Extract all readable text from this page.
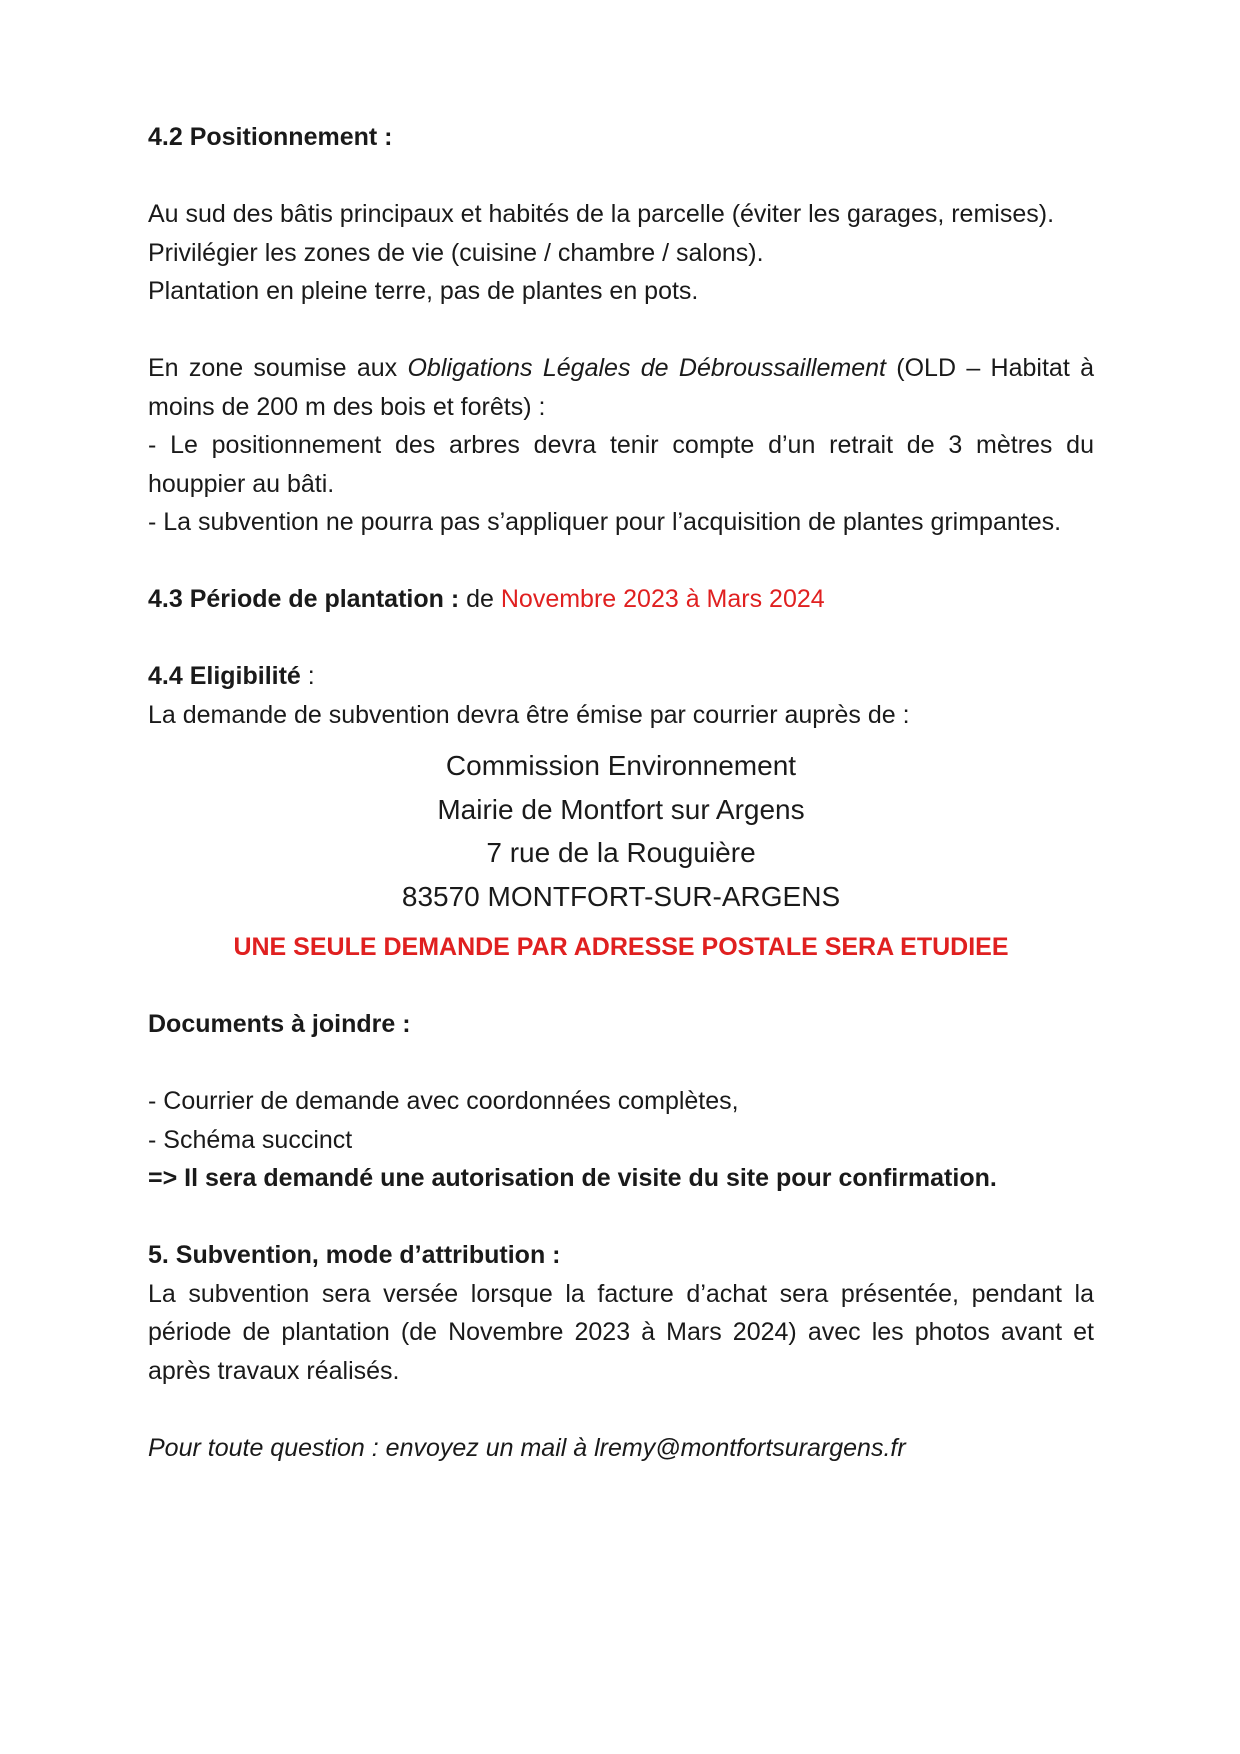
4.2 Positionnement :

Au sud des bâtis principaux et habités de la parcelle (éviter les garages, remises).

Privilégier les zones de vie (cuisine / chambre / salons).

Plantation en pleine terre, pas de plantes en pots.

En zone soumise aux Obligations Légales de Débroussaillement (OLD – Habitat à moins de 200 m des bois et forêts) :

- Le positionnement des arbres devra tenir compte d’un retrait de 3 mètres du houppier au bâti.

- La subvention ne pourra pas s’appliquer pour l’acquisition de plantes grimpantes.

4.3 Période de plantation : de Novembre 2023 à Mars 2024

4.4 Eligibilité :

La demande de subvention devra être émise par courrier auprès de :

Commission Environnement

Mairie de Montfort sur Argens

7 rue de la Rouguière

83570 MONTFORT-SUR-ARGENS

UNE SEULE DEMANDE PAR ADRESSE POSTALE SERA ETUDIEE

Documents à joindre :

- Courrier de demande avec coordonnées complètes,

- Schéma succinct

=> Il sera demandé une autorisation de visite du site pour confirmation.

5. Subvention, mode d’attribution :

La subvention sera versée lorsque la facture d’achat sera présentée, pendant la période de plantation (de Novembre 2023 à Mars 2024) avec les photos avant et après travaux réalisés.

Pour toute question : envoyez un mail à lremy@montfortsurargens.fr
